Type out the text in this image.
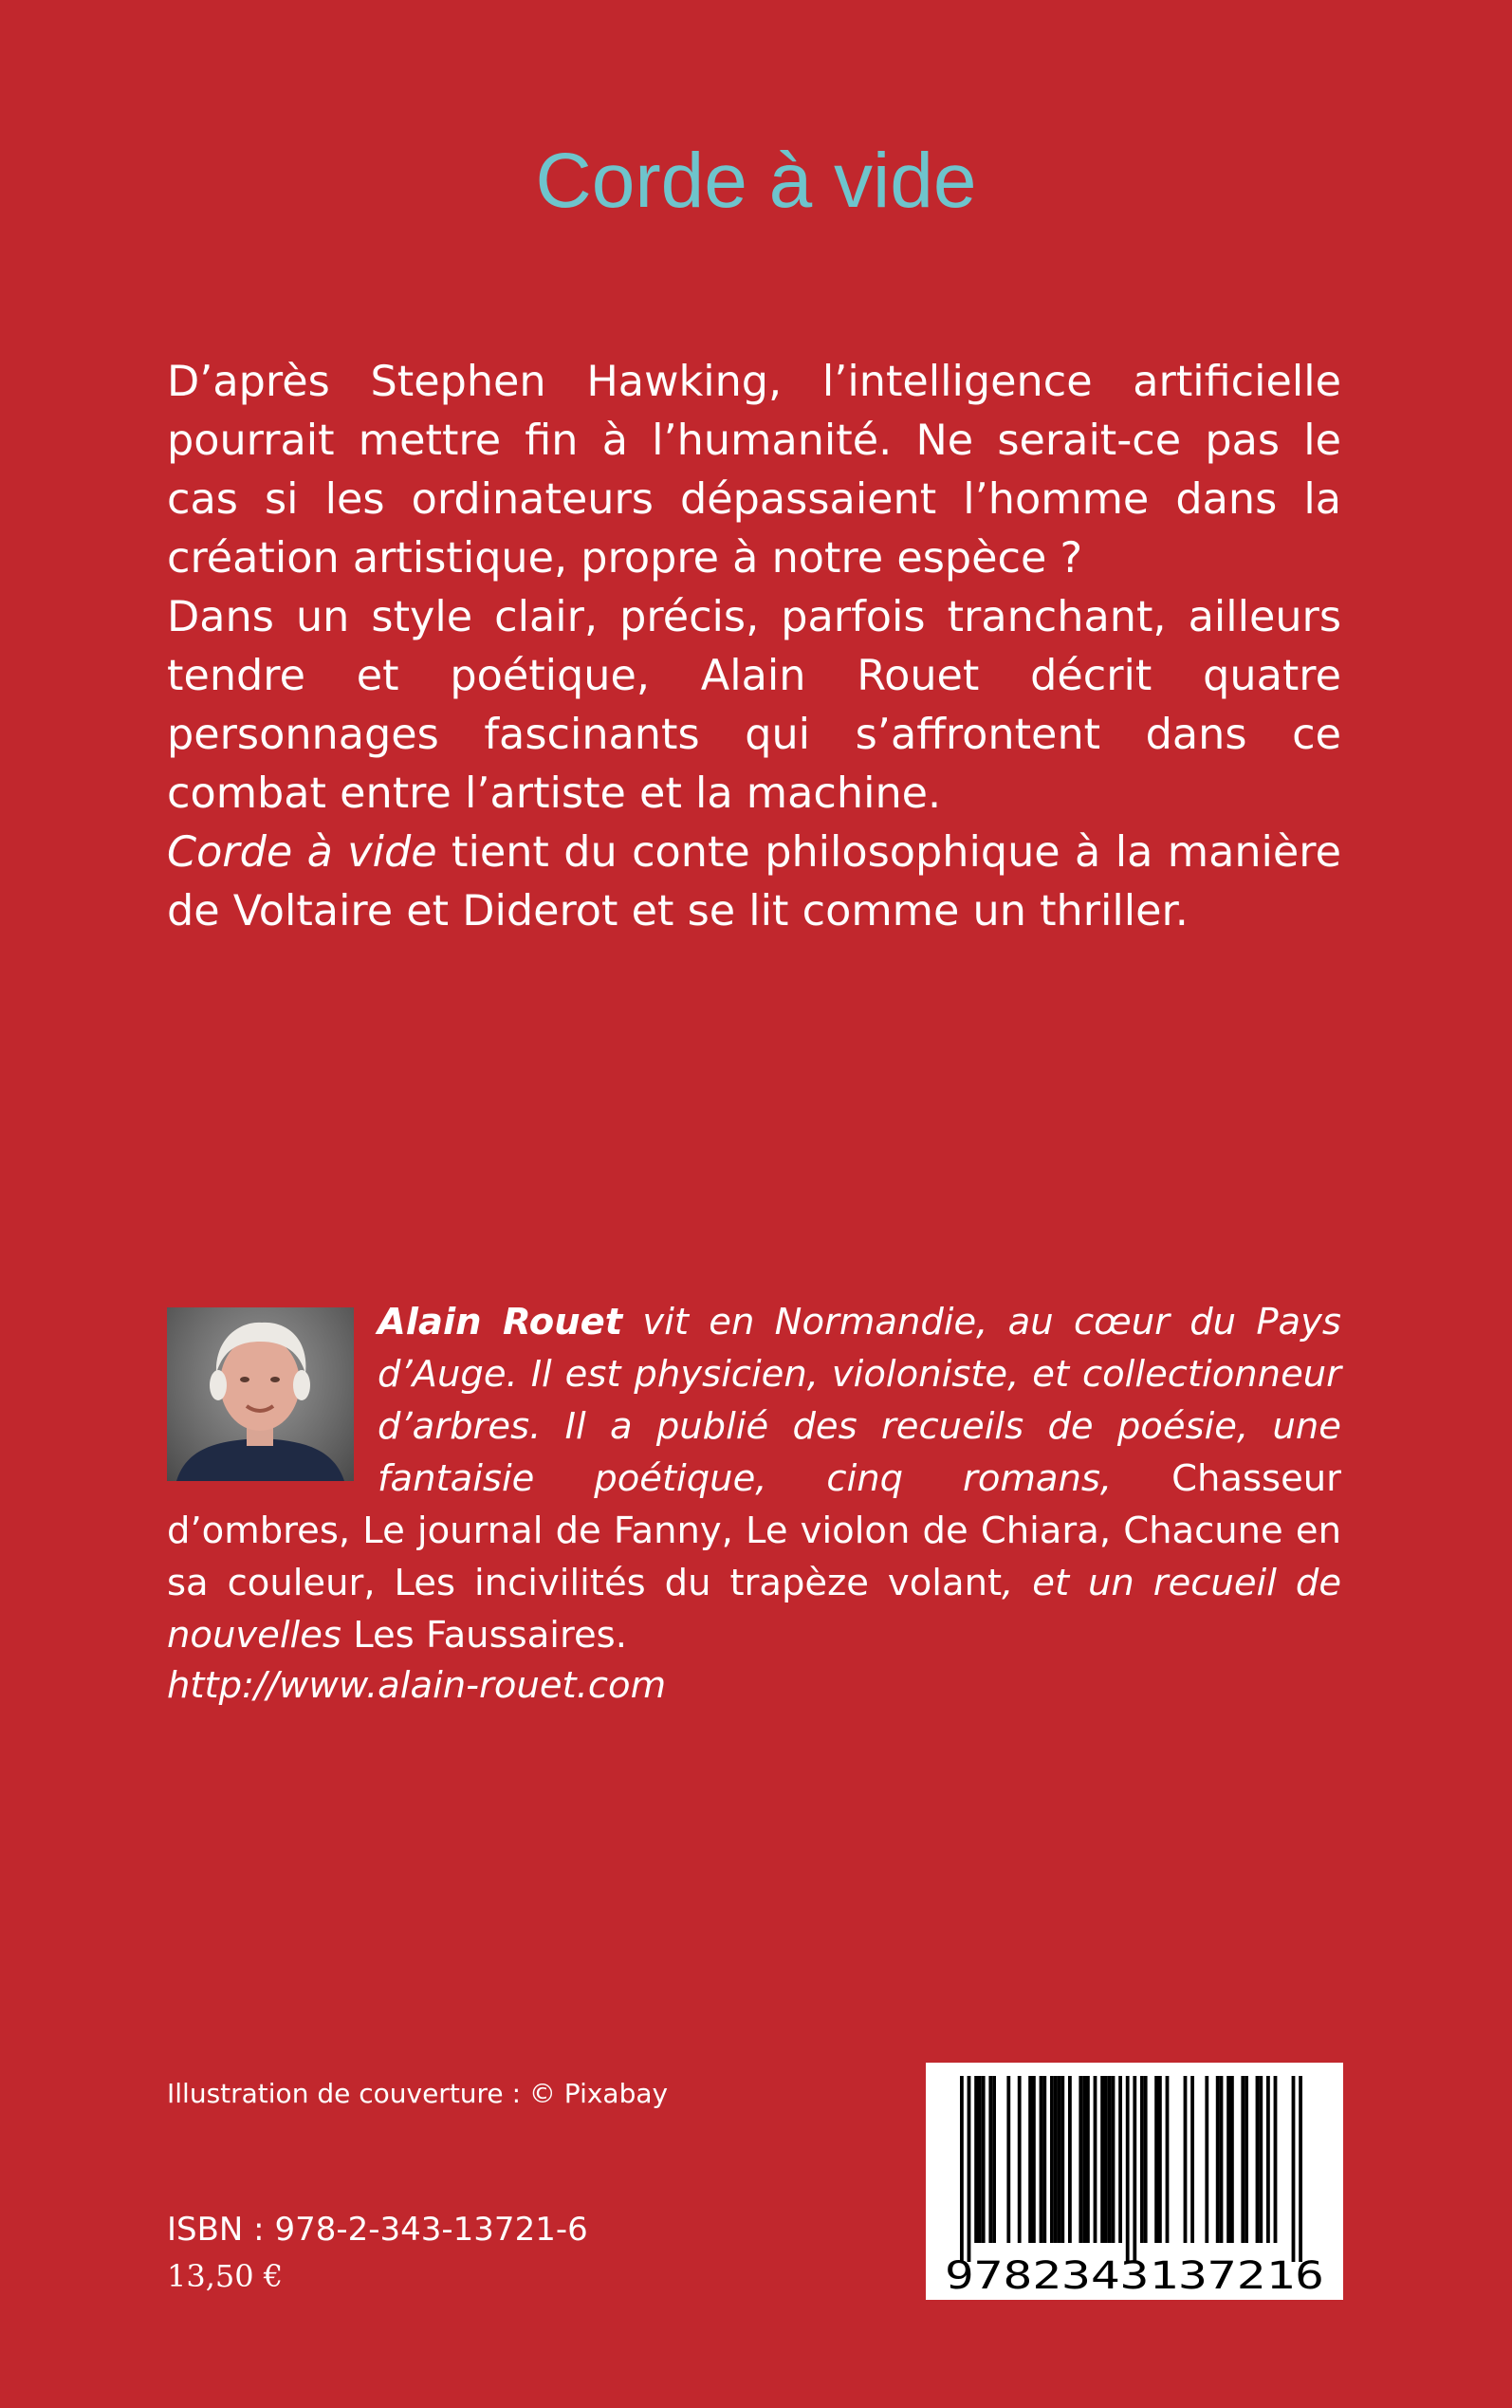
Corde à vide

D’après Stephen Hawking, l’intelligence artificielle pourrait mettre fin à l’humanité. Ne serait-ce pas le cas si les ordinateurs dépassaient l’homme dans la création artistique, propre à notre espèce ?

Dans un style clair, précis, parfois tranchant, ailleurs tendre et poétique, Alain Rouet décrit quatre personnages fascinants qui s’affrontent dans ce combat entre l’artiste et la machine.

Corde à vide tient du conte philosophique à la manière de Voltaire et Diderot et se lit comme un thriller.

Alain Rouet vit en Normandie, au cœur du Pays d’Auge. Il est physicien, violoniste, et collectionneur d’arbres. Il a publié des recueils de poésie, une fantaisie poétique, cinq romans, Chasseur d’ombres, Le journal de Fanny, Le violon de Chiara, Chacune en sa couleur, Les incivilités du trapèze volant, et un recueil de nouvelles Les Faussaires.

http://www.alain-rouet.com
Illustration de couverture : © Pixabay
ISBN : 978-2-343-13721-6
13,50 €	9782343137216
